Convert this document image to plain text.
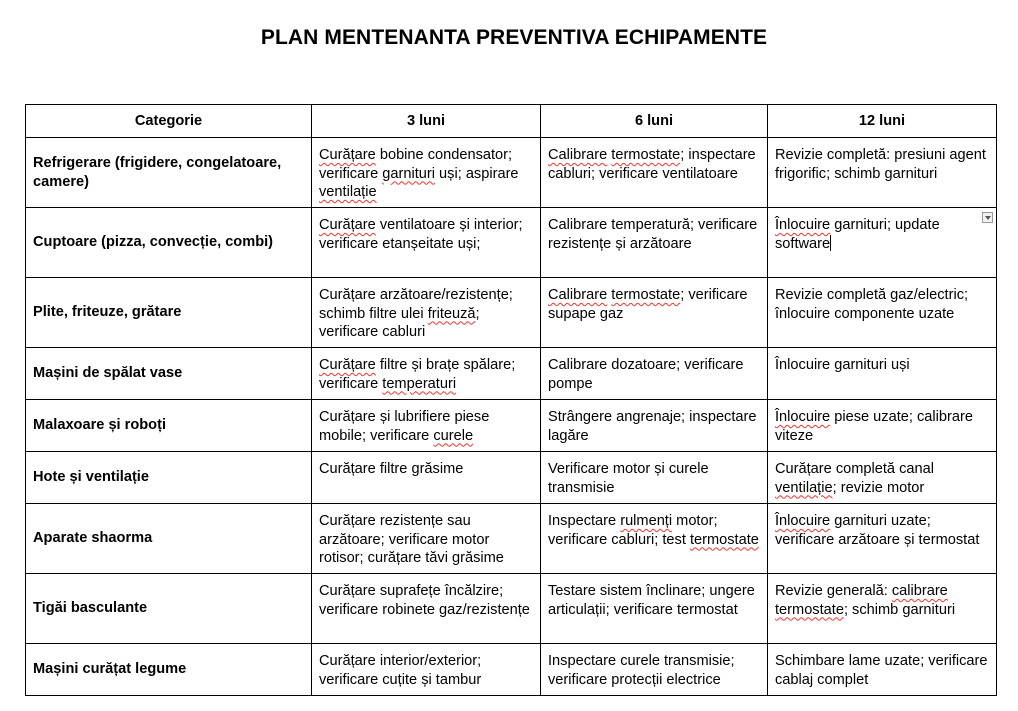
PLAN MENTENANTA PREVENTIVA ECHIPAMENTE
Categorie	3 luni	6 luni	12 luni
Refrigerare (frigidere, congelatoare, camere)	Curățare bobine condensator; verificare garnituri uși; aspirare ventilație	Calibrare termostate; inspectare cabluri; verificare ventilatoare	Revizie completă: presiuni agent frigorific; schimb garnituri
Cuptoare (pizza, convecție, combi)	Curățare ventilatoare și interior; verificare etanșeitate uși;	Calibrare temperatură; verificare rezistențe și arzătoare	Înlocuire garnituri; update software

Plite, friteuze, grătare	Curățare arzătoare/rezistențe; schimb filtre ulei friteuză; verificare cabluri	Calibrare termostate; verificare supape gaz	Revizie completă gaz/electric; înlocuire componente uzate
Mașini de spălat vase	Curățare filtre și brațe spălare; verificare temperaturi	Calibrare dozatoare; verificare pompe	Înlocuire garnituri uși
Malaxoare și roboți	Curățare și lubrifiere piese mobile; verificare curele	Strângere angrenaje; inspectare lagăre	Înlocuire piese uzate; calibrare viteze
Hote și ventilație	Curățare filtre grăsime	Verificare motor și curele transmisie	Curățare completă canal ventilație; revizie motor
Aparate shaorma	Curățare rezistențe sau arzătoare; verificare motor rotisor; curățare tăvi grăsime	Inspectare rulmenți motor; verificare cabluri; test termostate	Înlocuire garnituri uzate; verificare arzătoare și termostat
Tigăi basculante	Curățare suprafețe încălzire; verificare robinete gaz/rezistențe	Testare sistem înclinare; ungere articulații; verificare termostat	Revizie generală: calibrare termostate; schimb garnituri
Mașini curățat legume	Curățare interior/exterior; verificare cuțite și tambur	Inspectare curele transmisie; verificare protecții electrice	Schimbare lame uzate; verificare cablaj complet
